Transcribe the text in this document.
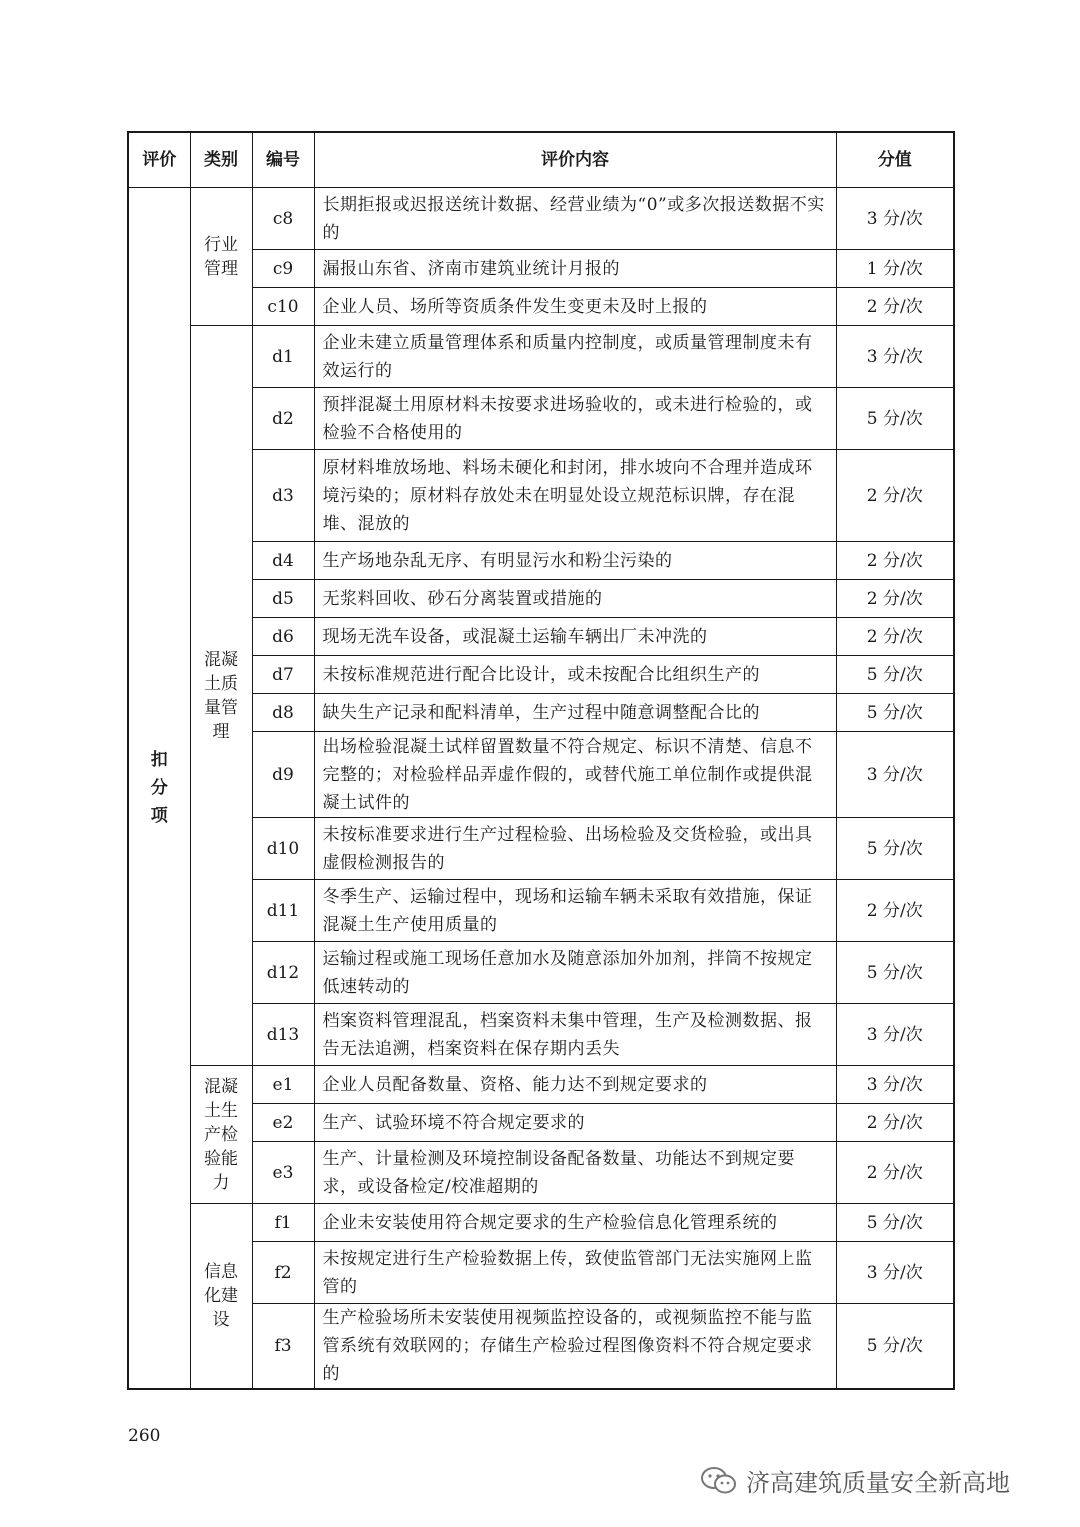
评价	类别	编号	评价内容	分值
扣分项	行业管理	c8	长期拒报或迟报送统计数据、经营业绩为“0”或多次报送数据不实的	3 分/次
		c9	漏报山东省、济南市建筑业统计月报的	1 分/次
		c10	企业人员、场所等资质条件发生变更未及时上报的	2 分/次
	混凝土质量管理	d1	企业未建立质量管理体系和质量内控制度，或质量管理制度未有效运行的	3 分/次
		d2	预拌混凝土用原材料未按要求进场验收的，或未进行检验的，或检验不合格使用的	5 分/次
		d3	原材料堆放场地、料场未硬化和封闭，排水坡向不合理并造成环境污染的；原材料存放处未在明显处设立规范标识牌，存在混堆、混放的	2 分/次
		d4	生产场地杂乱无序、有明显污水和粉尘污染的	2 分/次
		d5	无浆料回收、砂石分离装置或措施的	2 分/次
		d6	现场无洗车设备，或混凝土运输车辆出厂未冲洗的	2 分/次
		d7	未按标准规范进行配合比设计，或未按配合比组织生产的	5 分/次
		d8	缺失生产记录和配料清单，生产过程中随意调整配合比的	5 分/次
		d9	出场检验混凝土试样留置数量不符合规定、标识不清楚、信息不完整的；对检验样品弄虚作假的，或替代施工单位制作或提供混凝土试件的	3 分/次
		d10	未按标准要求进行生产过程检验、出场检验及交货检验，或出具虚假检测报告的	5 分/次
		d11	冬季生产、运输过程中，现场和运输车辆未采取有效措施，保证混凝土生产使用质量的	2 分/次
		d12	运输过程或施工现场任意加水及随意添加外加剂，拌筒不按规定低速转动的	5 分/次
		d13	档案资料管理混乱，档案资料未集中管理，生产及检测数据、报告无法追溯，档案资料在保存期内丢失	3 分/次
	混凝土生产检验能力	e1	企业人员配备数量、资格、能力达不到规定要求的	3 分/次
		e2	生产、试验环境不符合规定要求的	2 分/次
		e3	生产、计量检测及环境控制设备配备数量、功能达不到规定要求，或设备检定/校准超期的	2 分/次
	信息化建设	f1	企业未安装使用符合规定要求的生产检验信息化管理系统的	5 分/次
		f2	未按规定进行生产检验数据上传，致使监管部门无法实施网上监管的	3 分/次
		f3	生产检验场所未安装使用视频监控设备的，或视频监控不能与监管系统有效联网的；存储生产检验过程图像资料不符合规定要求的	5 分/次
260
济高建筑质量安全新高地
